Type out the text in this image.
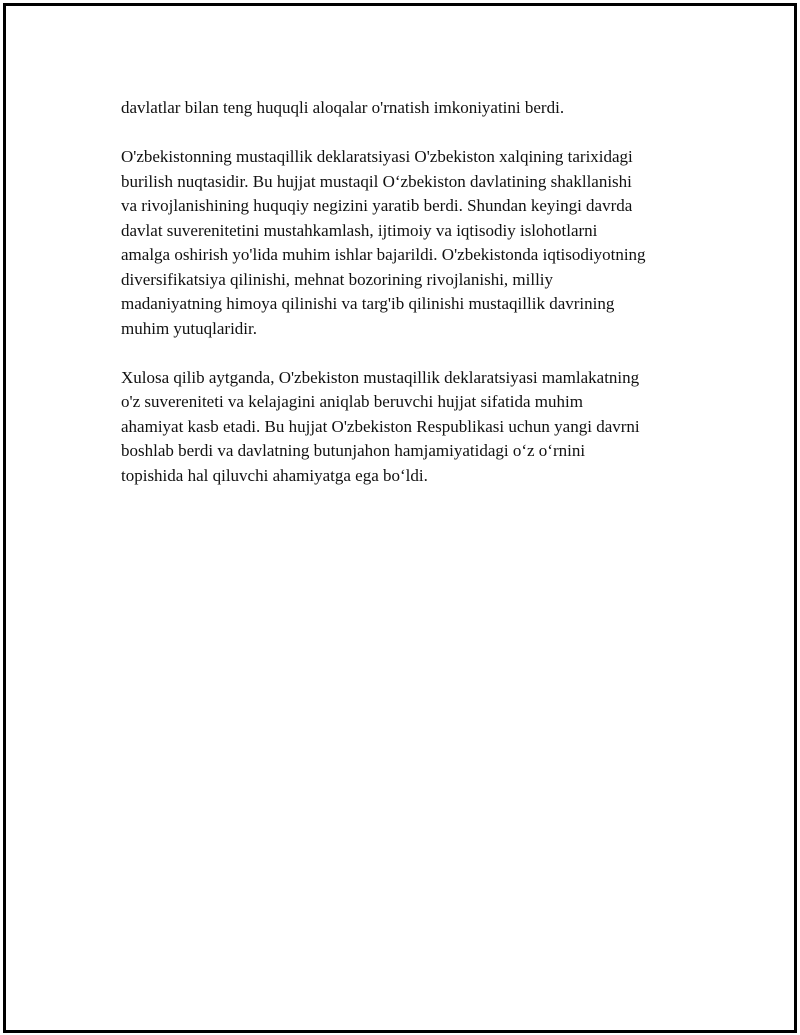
davlatlar bilan teng huquqli aloqalar o'rnatish imkoniyatini berdi.

O'zbekistonning mustaqillik deklaratsiyasi O'zbekiston xalqining tarixidagi
burilish nuqtasidir. Bu hujjat mustaqil O‘zbekiston davlatining shakllanishi
va rivojlanishining huquqiy negizini yaratib berdi. Shundan keyingi davrda
davlat suverenitetini mustahkamlash, ijtimoiy va iqtisodiy islohotlarni
amalga oshirish yo'lida muhim ishlar bajarildi. O'zbekistonda iqtisodiyotning
diversifikatsiya qilinishi, mehnat bozorining rivojlanishi, milliy
madaniyatning himoya qilinishi va targ'ib qilinishi mustaqillik davrining
muhim yutuqlaridir.

Xulosa qilib aytganda, O'zbekiston mustaqillik deklaratsiyasi mamlakatning
o'z suvereniteti va kelajagini aniqlab beruvchi hujjat sifatida muhim
ahamiyat kasb etadi. Bu hujjat O'zbekiston Respublikasi uchun yangi davrni
boshlab berdi va davlatning butunjahon hamjamiyatidagi o‘z o‘rnini
topishida hal qiluvchi ahamiyatga ega bo‘ldi.
